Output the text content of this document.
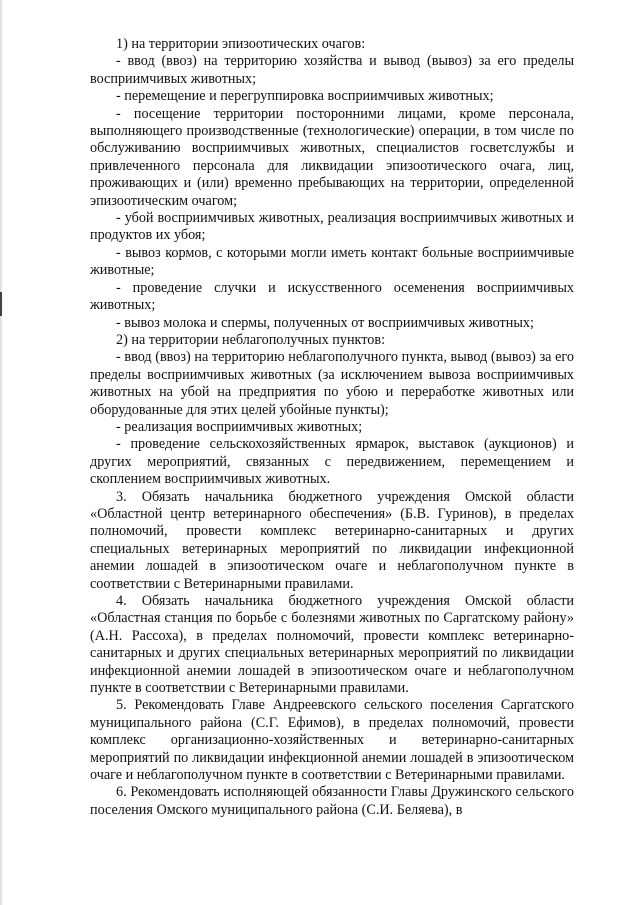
1) на территории эпизоотических очагов:

- ввод (ввоз) на территорию хозяйства и вывод (вывоз) за его пределы восприимчивых животных;

- перемещение и перегруппировка восприимчивых животных;

- посещение территории посторонними лицами, кроме персонала, выполняющего производственные (технологические) операции, в том числе по обслуживанию восприимчивых животных, специалистов госветслужбы и привлеченного персонала для ликвидации эпизоотического очага, лиц, проживающих и (или) временно пребывающих на территории, определенной эпизоотическим очагом;

- убой восприимчивых животных, реализация восприимчивых животных и продуктов их убоя;

- вывоз кормов, с которыми могли иметь контакт больные восприимчивые животные;

- проведение случки и искусственного осеменения восприимчивых животных;

- вывоз молока и спермы, полученных от восприимчивых животных;

2) на территории неблагополучных пунктов:

- ввод (ввоз) на территорию неблагополучного пункта, вывод (вывоз) за его пределы восприимчивых животных (за исключением вывоза восприимчивых животных на убой на предприятия по убою и переработке животных или оборудованные для этих целей убойные пункты);

- реализация восприимчивых животных;

- проведение сельскохозяйственных ярмарок, выставок (аукционов) и других мероприятий, связанных с передвижением, перемещением и скоплением восприимчивых животных.

3. Обязать начальника бюджетного учреждения Омской области «Областной центр ветеринарного обеспечения» (Б.В. Гуринов), в пределах полномочий, провести комплекс ветеринарно-санитарных и других специальных ветеринарных мероприятий по ликвидации инфекционной анемии лошадей в эпизоотическом очаге и неблагополучном пункте в соответствии с Ветеринарными правилами.

4. Обязать начальника бюджетного учреждения Омской области «Областная станция по борьбе с болезнями животных по Саргатскому району» (А.Н. Рассоха), в пределах полномочий, провести комплекс ветеринарно-санитарных и других специальных ветеринарных мероприятий по ликвидации инфекционной анемии лошадей в эпизоотическом очаге и неблагополучном пункте в соответствии с Ветеринарными правилами.

5. Рекомендовать Главе Андреевского сельского поселения Саргатского муниципального района (С.Г. Ефимов), в пределах полномочий, провести комплекс организационно-хозяйственных и ветеринарно-санитарных мероприятий по ликвидации инфекционной анемии лошадей в эпизоотическом очаге и неблагополучном пункте в соответствии с Ветеринарными правилами.

6. Рекомендовать исполняющей обязанности Главы Дружинского сельского поселения Омского муниципального района (С.И. Беляева), в
